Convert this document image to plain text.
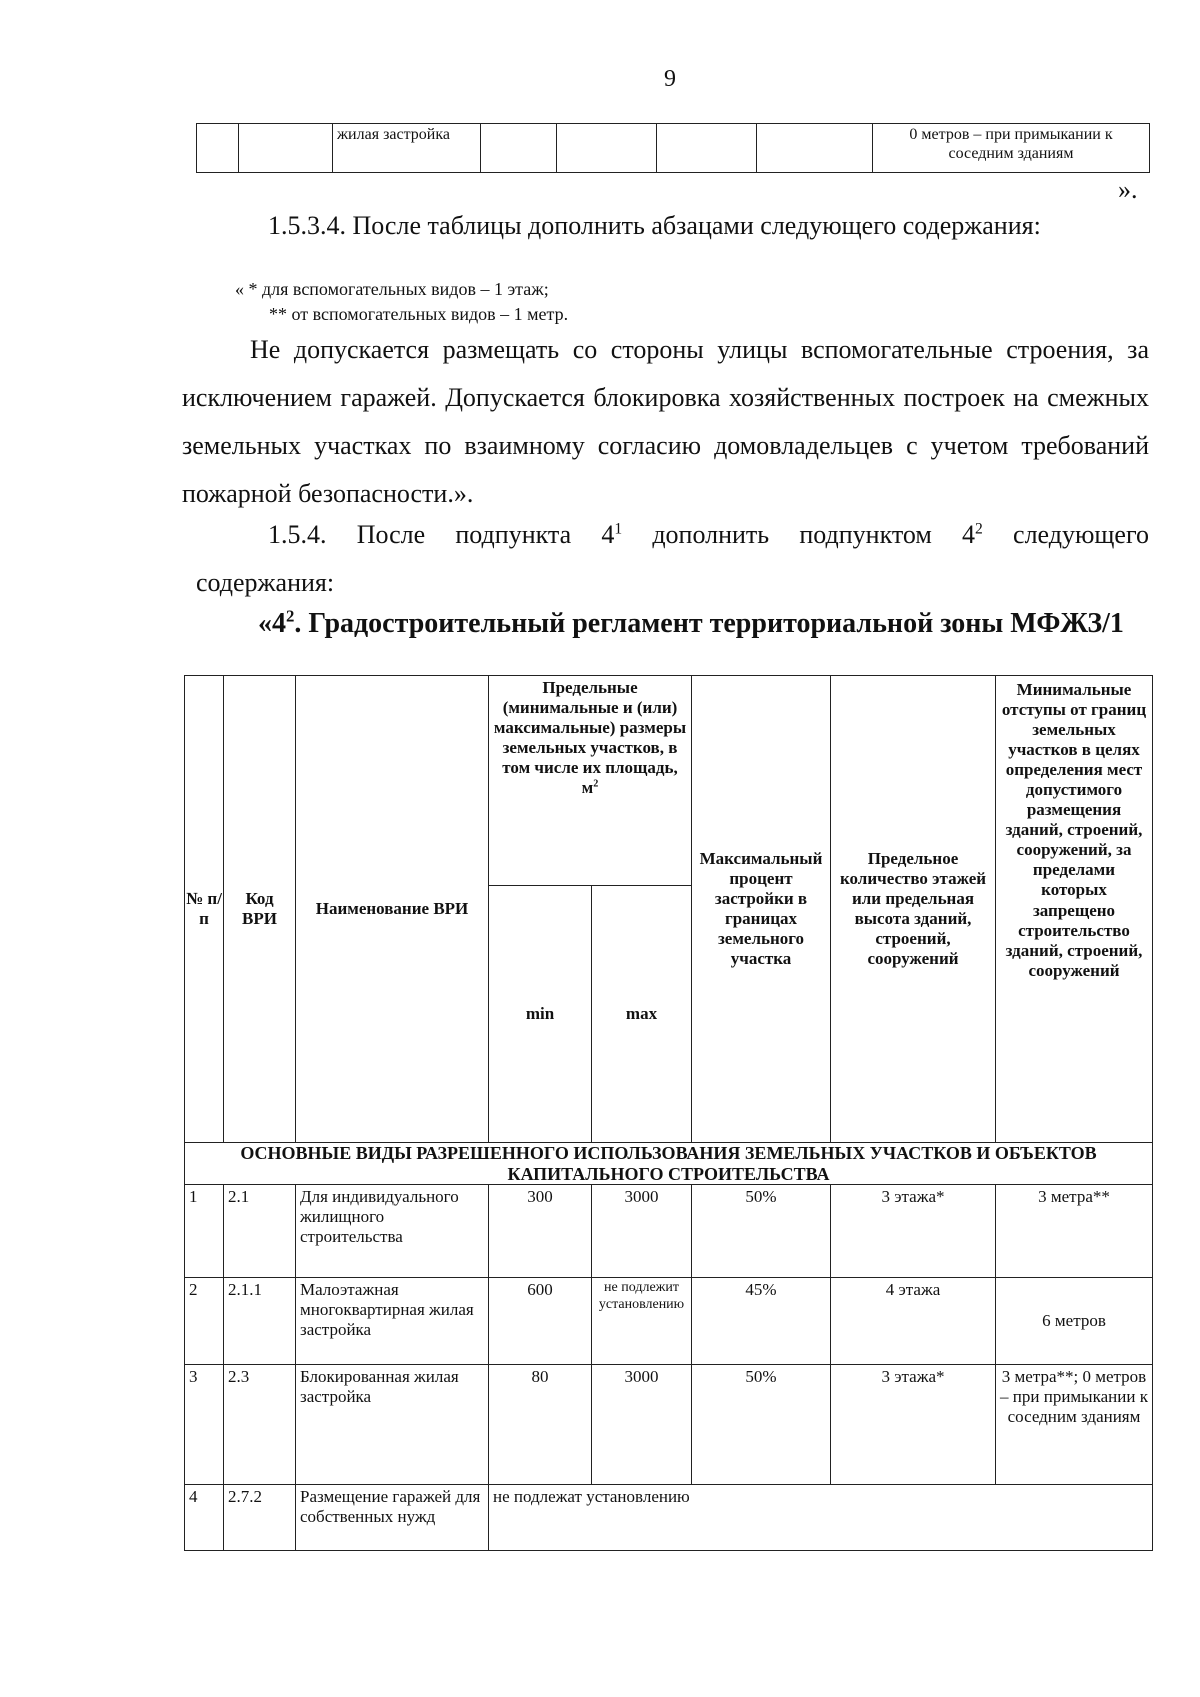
9
		жилая застройка					0 метров – при примыкании к соседним зданиям
».
1.5.3.4. После таблицы дополнить абзацами следующего содержания:
« * для вспомогательных видов – 1 этаж;
** от вспомогательных видов – 1 метр.
Не допускается размещать со стороны улицы вспомогательные строения, за исключением гаражей. Допускается блокировка хозяйственных построек на смежных земельных участках по взаимному согласию домовладельцев с учетом требований пожарной безопасности.».
1.5.4. После подпункта $4^1$ дополнить подпунктом $4^2$ следующего
содержания:
«$4^2$. Градостроительный регламент территориальной зоны МФЖЗ/1
№ п/п	Код ВРИ	Наименование ВРИ	Предельные (минимальные и (или) максимальные) размеры земельных участков, в том числе их площадь, $м^2$		Максимальный процент застройки в границах земельного участка	Предельное количество этажей или предельная высота зданий, строений, сооружений	Минимальные отступы от границ земельных участков в целях определения мест допустимого размещения зданий, строений, сооружений, за пределами которых запрещено строительство зданий, строений, сооружений
			min	max			
ОСНОВНЫЕ ВИДЫ РАЗРЕШЕННОГО ИСПОЛЬЗОВАНИЯ ЗЕМЕЛЬНЫХ УЧАСТКОВ И ОБЪЕКТОВ КАПИТАЛЬНОГО СТРОИТЕЛЬСТВА							
1	2.1	Для индивидуального жилищного строительства	300	3000	50%	3 этажа*	3 метра**
2	2.1.1	Малоэтажная многоквартирная жилая застройка	600	не подлежит установлению	45%	4 этажа	6 метров
3	2.3	Блокированная жилая застройка	80	3000	50%	3 этажа*	3 метра**; 0 метров – при примыкании к соседним зданиям
4	2.7.2	Размещение гаражей для собственных нужд	не подлежат установлению				
